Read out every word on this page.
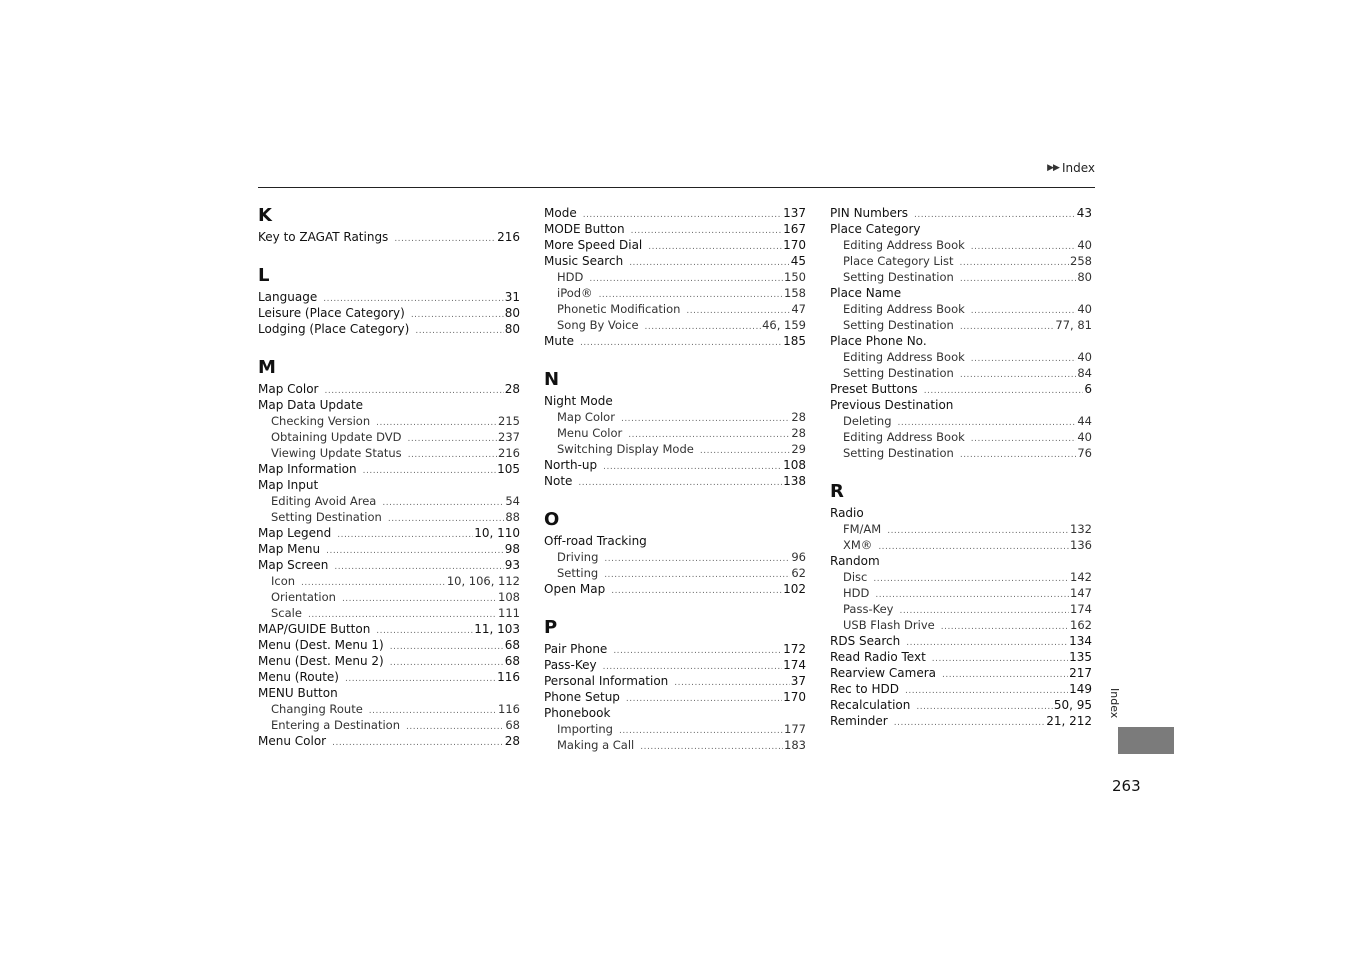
▶▶ Index
K
Key to ZAGAT Ratings .....	216
L
Language .....	31
Leisure (Place Category) .....	80
Lodging (Place Category) .....	80
M
Map Color .....	28
Map Data Update
Checking Version .....	215
Obtaining Update DVD .....	237
Viewing Update Status .....	216
Map Information .....	105
Map Input
Editing Avoid Area .....	54
Setting Destination .....	88
Map Legend .....	10, 110
Map Menu .....	98
Map Screen .....	93
Icon .....	10, 106, 112
Orientation .....	108
Scale .....	111
MAP/GUIDE Button .....	11, 103
Menu (Dest. Menu 1) .....	68
Menu (Dest. Menu 2) .....	68
Menu (Route) .....	116
MENU Button
Changing Route .....	116
Entering a Destination .....	68
Menu Color .....	28
Mode .....	137
MODE Button .....	167
More Speed Dial .....	170
Music Search .....	45
HDD .....	150
iPod® .....	158
Phonetic Modification .....	47
Song By Voice .....	46, 159
Mute .....	185
N
Night Mode
Map Color .....	28
Menu Color .....	28
Switching Display Mode .....	29
North-up .....	108
Note .....	138
O
Off-road Tracking
Driving .....	96
Setting .....	62
Open Map .....	102
P
Pair Phone .....	172
Pass-Key .....	174
Personal Information .....	37
Phone Setup .....	170
Phonebook
Importing .....	177
Making a Call .....	183
PIN Numbers .....	43
Place Category
Editing Address Book .....	40
Place Category List .....	258
Setting Destination .....	80
Place Name
Editing Address Book .....	40
Setting Destination .....	77, 81
Place Phone No.
Editing Address Book .....	40
Setting Destination .....	84
Preset Buttons .....	6
Previous Destination
Deleting .....	44
Editing Address Book .....	40
Setting Destination .....	76
R
Radio
FM/AM .....	132
XM® .....	136
Random
Disc .....	142
HDD .....	147
Pass-Key .....	174
USB Flash Drive .....	162
RDS Search .....	134
Read Radio Text .....	135
Rearview Camera .....	217
Rec to HDD .....	149
Recalculation .....	50, 95
Reminder .....	21, 212
Index
263
